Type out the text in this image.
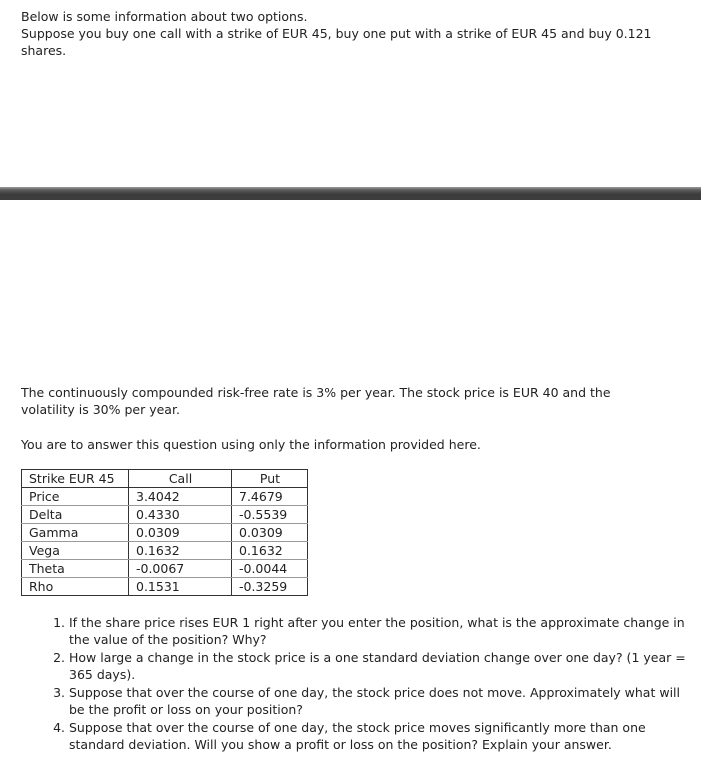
Below is some information about two options.

Suppose you buy one call with a strike of EUR 45, buy one put with a strike of EUR 45 and buy 0.121 shares.

The continuously compounded risk-free rate is 3% per year. The stock price is EUR 40 and the volatility is 30% per year.

You are to answer this question using only the information provided here.

Strike EUR 45	Call	Put
Price	3.4042	7.4679
Delta	0.4330	-0.5539
Gamma	0.0309	0.0309
Vega	0.1632	0.1632
Theta	-0.0067	-0.0044
Rho	0.1531	-0.3259
1. If the share price rises EUR 1 right after you enter the position, what is the approximate change in the value of the position? Why?
2. How large a change in the stock price is a one standard deviation change over one day? (1 year = 365 days).
3. Suppose that over the course of one day, the stock price does not move. Approximately what will be the profit or loss on your position?
4. Suppose that over the course of one day, the stock price moves significantly more than one standard deviation. Will you show a profit or loss on the position? Explain your answer.
